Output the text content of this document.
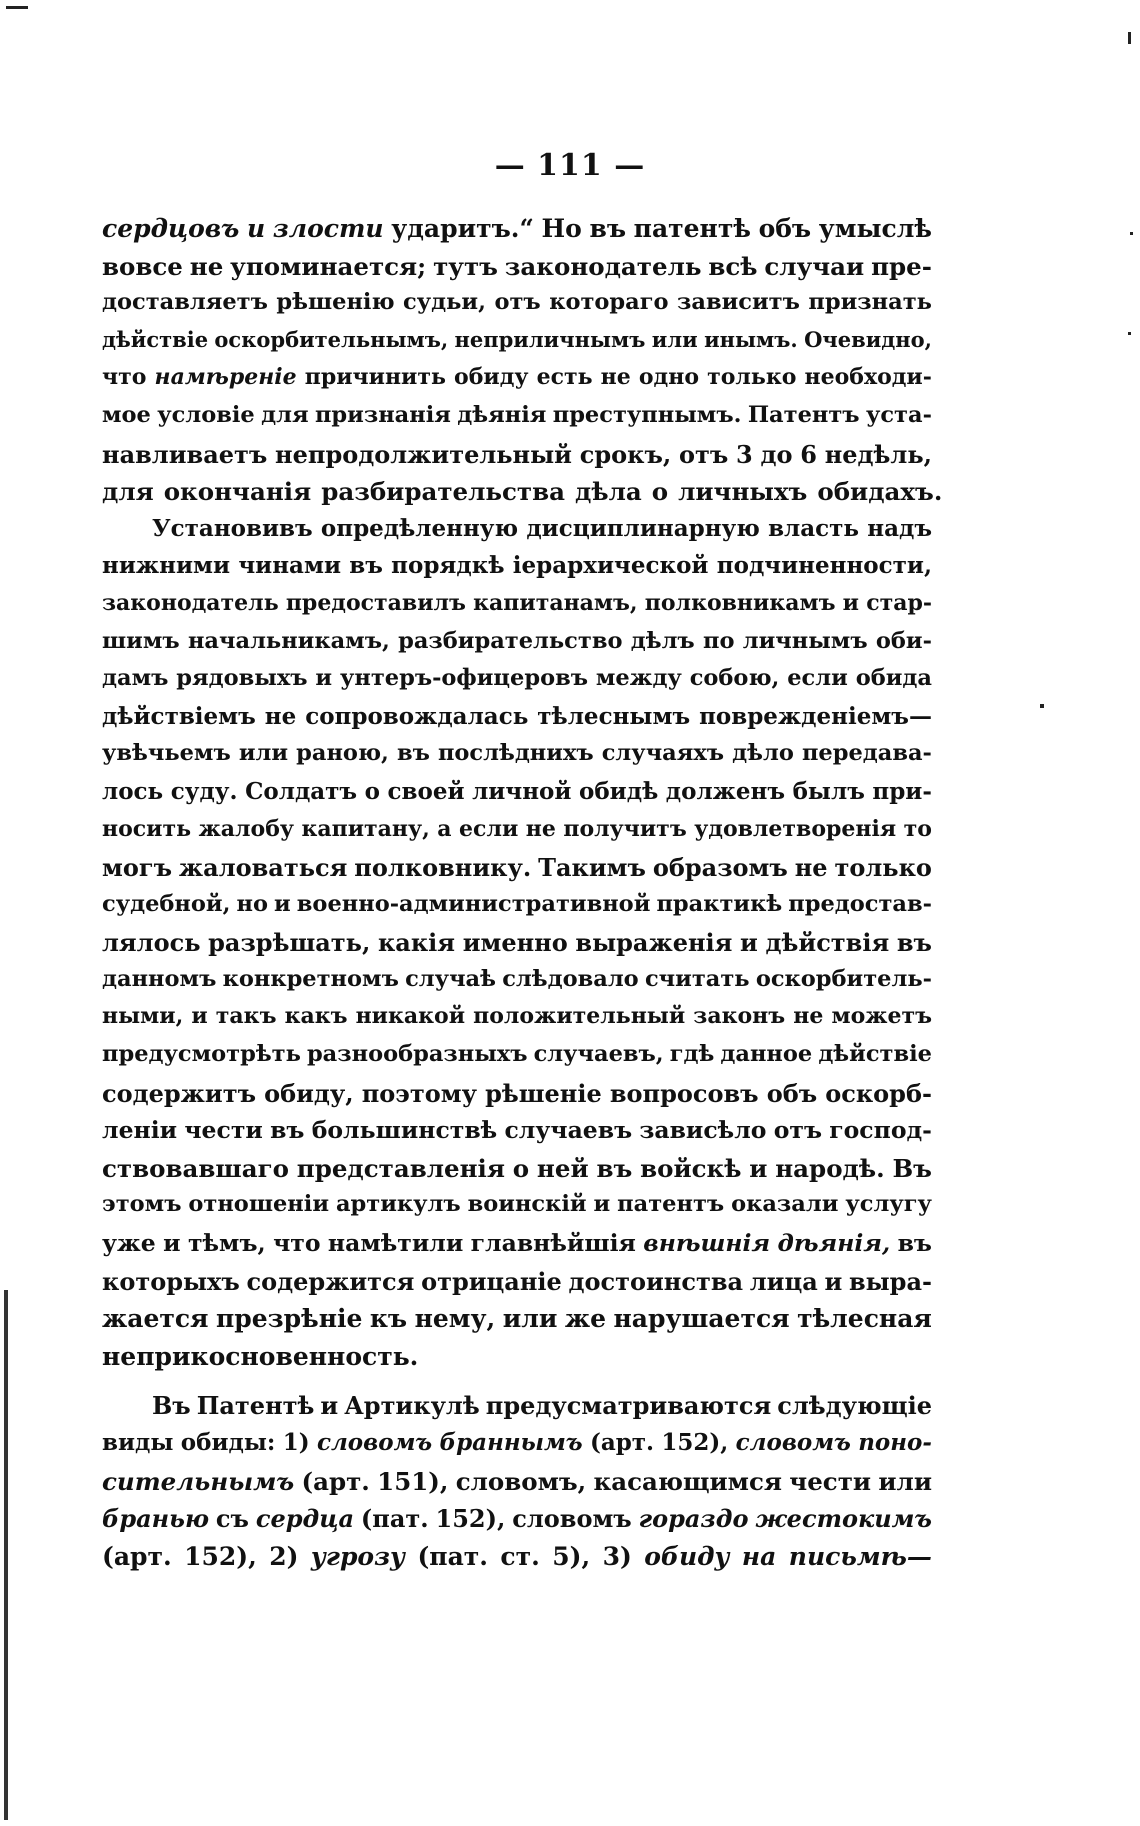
— 111 —
сердцовъ и злости ударитъ.“ Но въ патентѣ объ умыслѣ
вовсе не упоминается; тутъ законодатель всѣ случаи пре-
доставляетъ рѣшенію судьи, отъ котораго зависитъ признать
дѣйствіе оскорбительнымъ, неприличнымъ или инымъ. Очевидно,
что намѣреніе причинить обиду есть не одно только необходи-
мое условіе для признанія дѣянія преступнымъ. Патентъ уста-
навливаетъ непродолжительный срокъ, отъ 3 до 6 недѣль,
для окончанія разбирательства дѣла о личныхъ обидахъ.
Установивъ опредѣленную дисциплинарную власть надъ
нижними чинами въ порядкѣ іерархической подчиненности,
законодатель предоставилъ капитанамъ, полковникамъ и стар-
шимъ начальникамъ, разбирательство дѣлъ по личнымъ оби-
дамъ рядовыхъ и унтеръ-офицеровъ между собою, если обида
дѣйствіемъ не сопровождалась тѣлеснымъ поврежденіемъ—
увѣчьемъ или раною, въ послѣднихъ случаяхъ дѣло передава-
лось суду. Солдатъ о своей личной обидѣ долженъ былъ при-
носить жалобу капитану, а если не получитъ удовлетворенія то
могъ жаловаться полковнику. Такимъ образомъ не только
судебной, но и военно-административной практикѣ предостав-
лялось разрѣшать, какія именно выраженія и дѣйствія въ
данномъ конкретномъ случаѣ слѣдовало считать оскорбитель-
ными, и такъ какъ никакой положительный законъ не можетъ
предусмотрѣть разнообразныхъ случаевъ, гдѣ данное дѣйствіе
содержитъ обиду, поэтому рѣшеніе вопросовъ объ оскорб-
леніи чести въ большинствѣ случаевъ зависѣло отъ господ-
ствовавшаго представленія о ней въ войскѣ и народѣ. Въ
этомъ отношеніи артикулъ воинскій и патентъ оказали услугу
уже и тѣмъ, что намѣтили главнѣйшія внѣшнія дѣянія, въ
которыхъ содержится отрицаніе достоинства лица и выра-
жается презрѣніе къ нему, или же нарушается тѣлесная
неприкосновенность.
Въ Патентѣ и Артикулѣ предусматриваются слѣдующіе
виды обиды: 1) словомъ браннымъ (арт. 152), словомъ поно-
сительнымъ (арт. 151), словомъ, касающимся чести или
бранью съ сердца (пат. 152), словомъ гораздо жестокимъ
(арт. 152), 2) угрозу (пат. ст. 5), 3) обиду на письмѣ—
